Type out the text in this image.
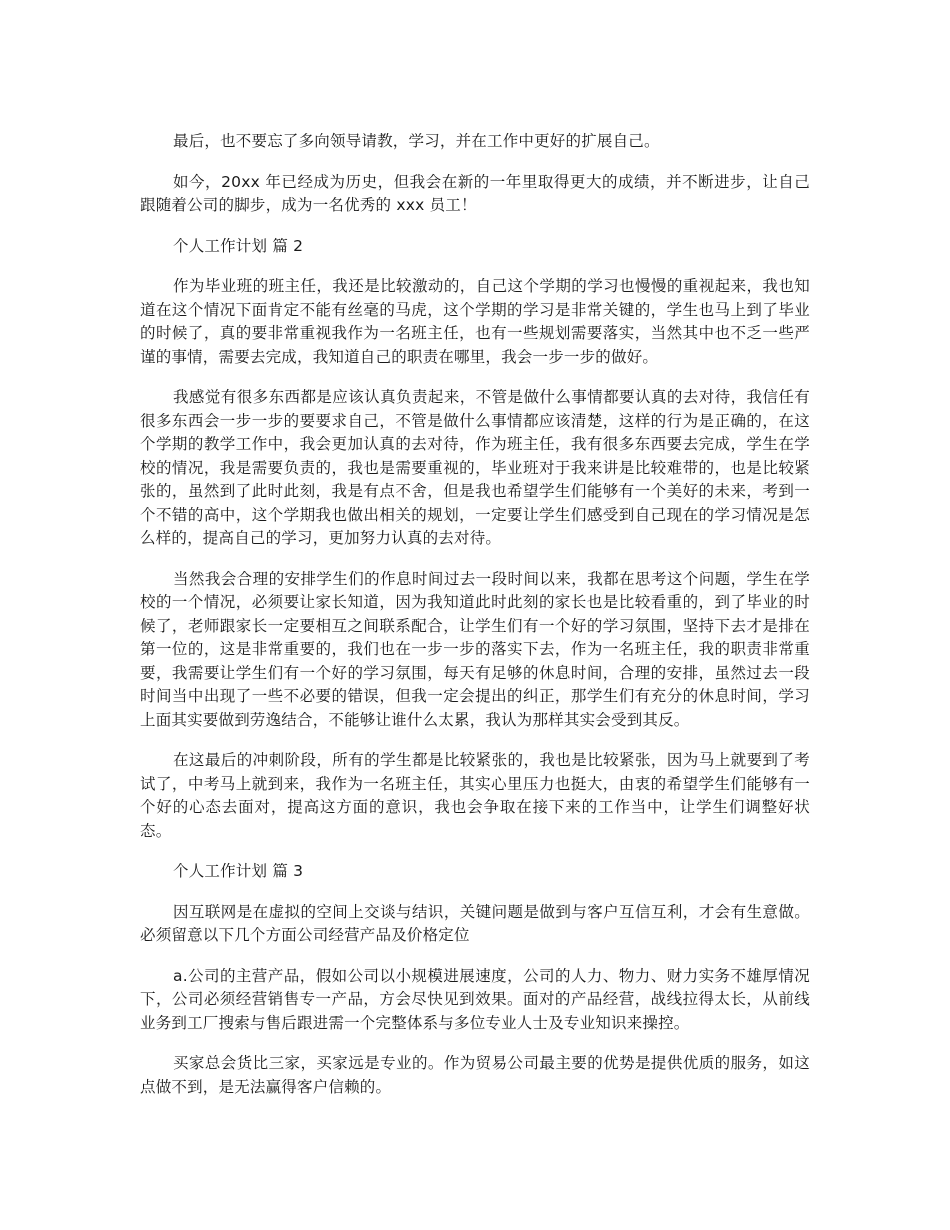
最后，也不要忘了多向领导请教，学习，并在工作中更好的扩展自己。

如今，20xx 年已经成为历史，但我会在新的一年里取得更大的成绩，并不断进步，让自己跟随着公司的脚步，成为一名优秀的 xxx 员工！

个人工作计划 篇 2

作为毕业班的班主任，我还是比较激动的，自己这个学期的学习也慢慢的重视起来，我也知道在这个情况下面肯定不能有丝毫的马虎，这个学期的学习是非常关键的，学生也马上到了毕业的时候了，真的要非常重视我作为一名班主任，也有一些规划需要落实，当然其中也不乏一些严谨的事情，需要去完成，我知道自己的职责在哪里，我会一步一步的做好。

我感觉有很多东西都是应该认真负责起来，不管是做什么事情都要认真的去对待，我信任有很多东西会一步一步的要要求自己，不管是做什么事情都应该清楚，这样的行为是正确的，在这个学期的教学工作中，我会更加认真的去对待，作为班主任，我有很多东西要去完成，学生在学校的情况，我是需要负责的，我也是需要重视的，毕业班对于我来讲是比较难带的，也是比较紧张的，虽然到了此时此刻，我是有点不舍，但是我也希望学生们能够有一个美好的未来，考到一个不错的高中，这个学期我也做出相关的规划，一定要让学生们感受到自己现在的学习情况是怎么样的，提高自己的学习，更加努力认真的去对待。

当然我会合理的安排学生们的作息时间过去一段时间以来，我都在思考这个问题，学生在学校的一个情况，必须要让家长知道，因为我知道此时此刻的家长也是比较看重的，到了毕业的时候了，老师跟家长一定要相互之间联系配合，让学生们有一个好的学习氛围，坚持下去才是排在第一位的，这是非常重要的，我们也在一步一步的落实下去，作为一名班主任，我的职责非常重要，我需要让学生们有一个好的学习氛围，每天有足够的休息时间，合理的安排，虽然过去一段时间当中出现了一些不必要的错误，但我一定会提出的纠正，那学生们有充分的休息时间，学习上面其实要做到劳逸结合，不能够让谁什么太累，我认为那样其实会受到其反。

在这最后的冲刺阶段，所有的学生都是比较紧张的，我也是比较紧张，因为马上就要到了考试了，中考马上就到来，我作为一名班主任，其实心里压力也挺大，由衷的希望学生们能够有一个好的心态去面对，提高这方面的意识，我也会争取在接下来的工作当中，让学生们调整好状态。

个人工作计划 篇 3

因互联网是在虚拟的空间上交谈与结识，关键问题是做到与客户互信互利，才会有生意做。必须留意以下几个方面公司经营产品及价格定位

a.公司的主营产品，假如公司以小规模进展速度，公司的人力、物力、财力实务不雄厚情况下，公司必须经营销售专一产品，方会尽快见到效果。面对的产品经营，战线拉得太长，从前线业务到工厂搜索与售后跟进需一个完整体系与多位专业人士及专业知识来操控。

买家总会货比三家，买家远是专业的。作为贸易公司最主要的优势是提供优质的服务，如这点做不到，是无法赢得客户信赖的。
